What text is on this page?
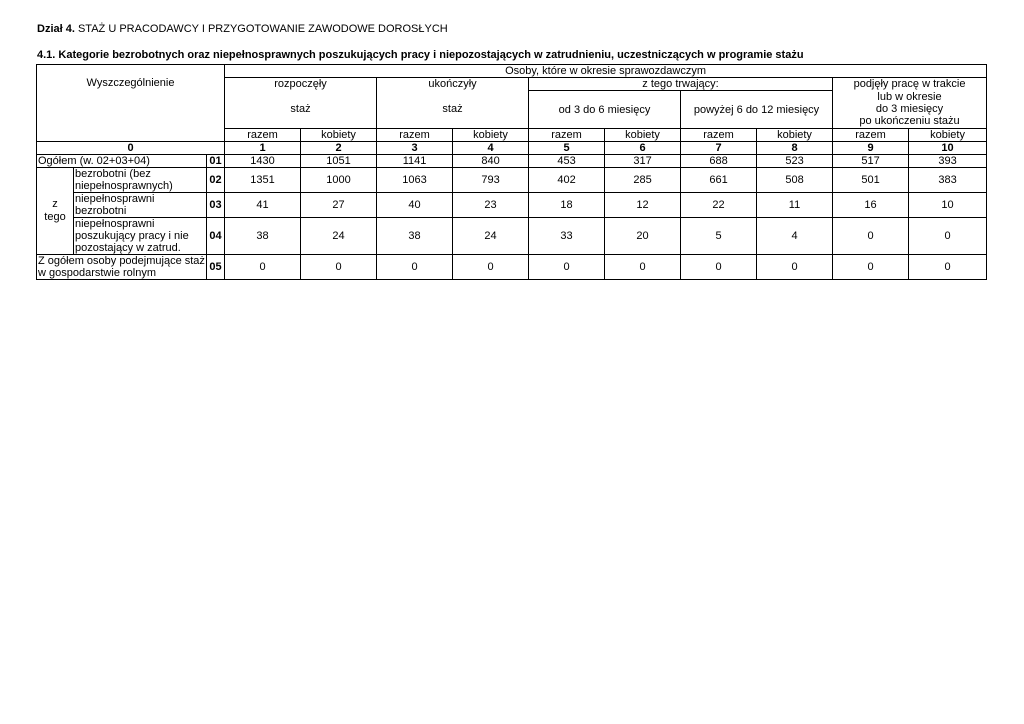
Dział 4. STAŻ U PRACODAWCY I PRZYGOTOWANIE ZAWODOWE DOROSŁYCH
4.1. Kategorie bezrobotnych oraz niepełnosprawnych poszukujących pracy i niepozostających w zatrudnieniu, uczestniczących w programie stażu
Wyszczególnienie			Osoby, które w okresie sprawozdawczym									
			rozpoczęły		ukończyły		z tego trwający:				podjęły pracę w trakcie	
			staż		staż		od 3 do 6 miesięcy		powyżej 6 do 12 miesięcy		lub w okresie
do 3 miesięcy
po ukończeniu stażu	

			razem	kobiety	razem	kobiety	razem	kobiety	razem	kobiety	razem	kobiety
0			1	2	3	4	5	6	7	8	9	10
Ogółem (w. 02+03+04)		01	1430	1051	1141	840	453	317	688	523	517	393

z
tego	bezrobotni (bez niepełnosprawnych)	02	1351	1000	1063	793	402	285	661	508	501	383
	niepełnosprawni bezrobotni	03	41	27	40	23	18	12	22	11	16	10
	niepełnosprawni poszukujący pracy i nie pozostający w zatrud.	04	38	24	38	24	33	20	5	4	0	0
Z ogółem osoby podejmujące staż w gospodarstwie rolnym		05	0	0	0	0	0	0	0	0	0	0
